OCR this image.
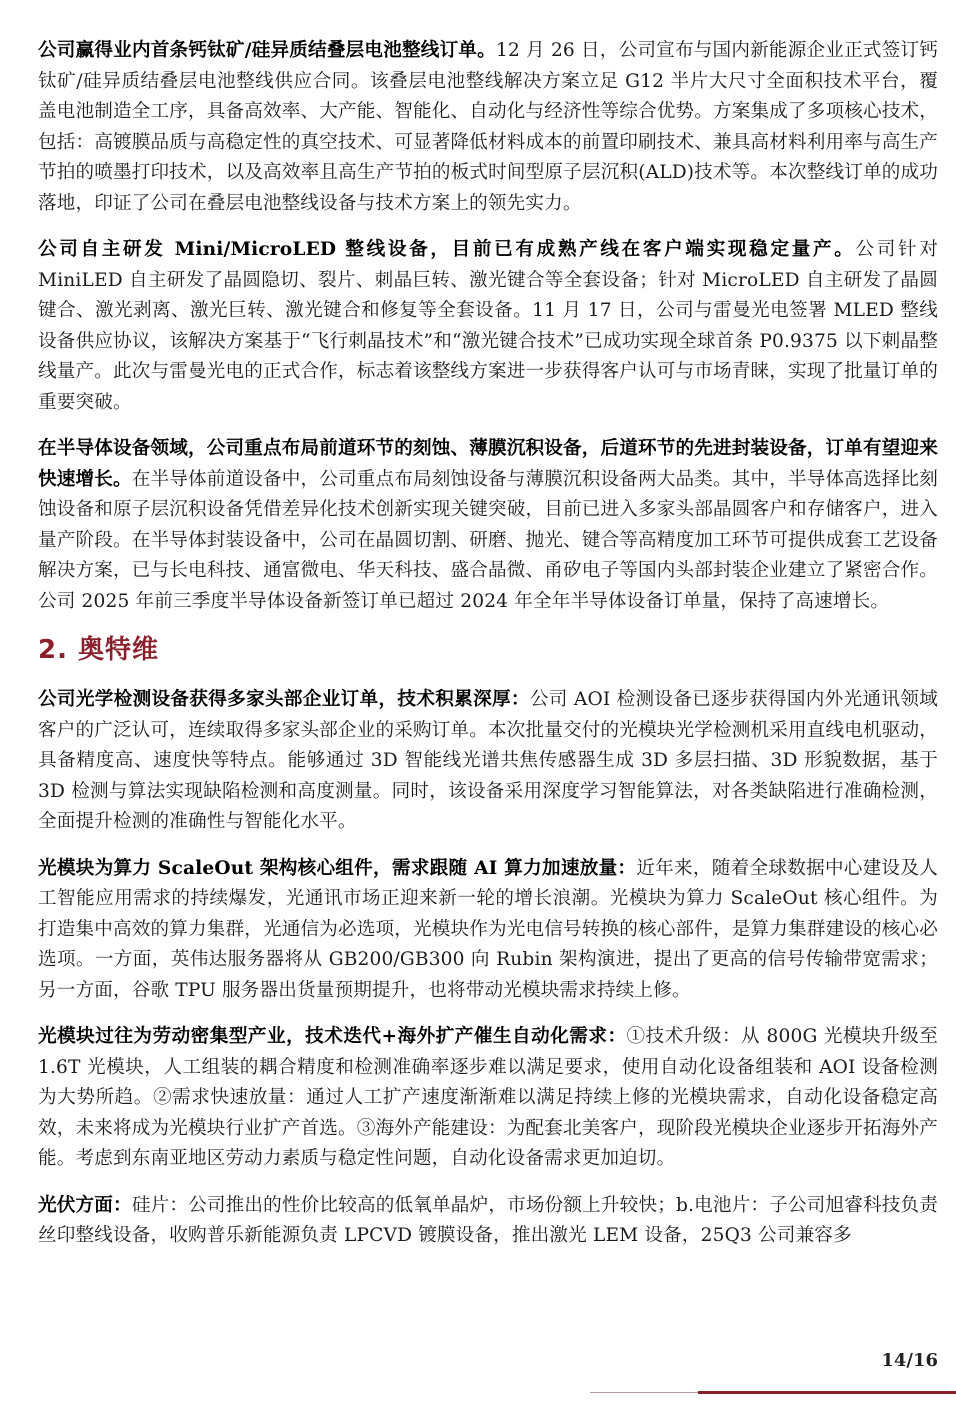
公司赢得业内首条钙钛矿/硅异质结叠层电池整线订单。12 月 26 日，公司宣布与国内新能源企业正式签订钙钛矿/硅异质结叠层电池整线供应合同。该叠层电池整线解决方案立足 G12 半片大尺寸全面积技术平台，覆盖电池制造全工序，具备高效率、大产能、智能化、自动化与经济性等综合优势。方案集成了多项核心技术，包括：高镀膜品质与高稳定性的真空技术、可显著降低材料成本的前置印刷技术、兼具高材料利用率与高生产节拍的喷墨打印技术，以及高效率且高生产节拍的板式时间型原子层沉积(ALD)技术等。本次整线订单的成功落地，印证了公司在叠层电池整线设备与技术方案上的领先实力。

公司自主研发 Mini/MicroLED 整线设备，目前已有成熟产线在客户端实现稳定量产。公司针对 MiniLED 自主研发了晶圆隐切、裂片、刺晶巨转、激光键合等全套设备；针对 MicroLED 自主研发了晶圆键合、激光剥离、激光巨转、激光键合和修复等全套设备。11 月 17 日，公司与雷曼光电签署 MLED 整线设备供应协议，该解决方案基于“飞行刺晶技术”和“激光键合技术”已成功实现全球首条 P0.9375 以下刺晶整线量产。此次与雷曼光电的正式合作，标志着该整线方案进一步获得客户认可与市场青睐，实现了批量订单的重要突破。

在半导体设备领域，公司重点布局前道环节的刻蚀、薄膜沉积设备，后道环节的先进封装设备，订单有望迎来快速增长。在半导体前道设备中，公司重点布局刻蚀设备与薄膜沉积设备两大品类。其中，半导体高选择比刻蚀设备和原子层沉积设备凭借差异化技术创新实现关键突破，目前已进入多家头部晶圆客户和存储客户，进入量产阶段。在半导体封装设备中，公司在晶圆切割、研磨、抛光、键合等高精度加工环节可提供成套工艺设备解决方案，已与长电科技、通富微电、华天科技、盛合晶微、甬矽电子等国内头部封装企业建立了紧密合作。公司 2025 年前三季度半导体设备新签订单已超过 2024 年全年半导体设备订单量，保持了高速增长。

2. 奥特维

公司光学检测设备获得多家头部企业订单，技术积累深厚：公司 AOI 检测设备已逐步获得国内外光通讯领域客户的广泛认可，连续取得多家头部企业的采购订单。本次批量交付的光模块光学检测机采用直线电机驱动，具备精度高、速度快等特点。能够通过 3D 智能线光谱共焦传感器生成 3D 多层扫描、3D 形貌数据，基于 3D 检测与算法实现缺陷检测和高度测量。同时，该设备采用深度学习智能算法，对各类缺陷进行准确检测，全面提升检测的准确性与智能化水平。

光模块为算力 ScaleOut 架构核心组件，需求跟随 AI 算力加速放量：近年来，随着全球数据中心建设及人工智能应用需求的持续爆发，光通讯市场正迎来新一轮的增长浪潮。光模块为算力 ScaleOut 核心组件。为打造集中高效的算力集群，光通信为必选项，光模块作为光电信号转换的核心部件，是算力集群建设的核心必选项。一方面，英伟达服务器将从 GB200/GB300 向 Rubin 架构演进，提出了更高的信号传输带宽需求；另一方面，谷歌 TPU 服务器出货量预期提升，也将带动光模块需求持续上修。

光模块过往为劳动密集型产业，技术迭代+海外扩产催生自动化需求：①技术升级：从 800G 光模块升级至 1.6T 光模块，人工组装的耦合精度和检测准确率逐步难以满足要求，使用自动化设备组装和 AOI 设备检测为大势所趋。②需求快速放量：通过人工扩产速度渐渐难以满足持续上修的光模块需求，自动化设备稳定高效，未来将成为光模块行业扩产首选。③海外产能建设：为配套北美客户，现阶段光模块企业逐步开拓海外产能。考虑到东南亚地区劳动力素质与稳定性问题，自动化设备需求更加迫切。

光伏方面：硅片：公司推出的性价比较高的低氧单晶炉，市场份额上升较快；b.电池片：子公司旭睿科技负责丝印整线设备，收购普乐新能源负责 LPCVD 镀膜设备，推出激光 LEM 设备，25Q3 公司兼容多

14/16
